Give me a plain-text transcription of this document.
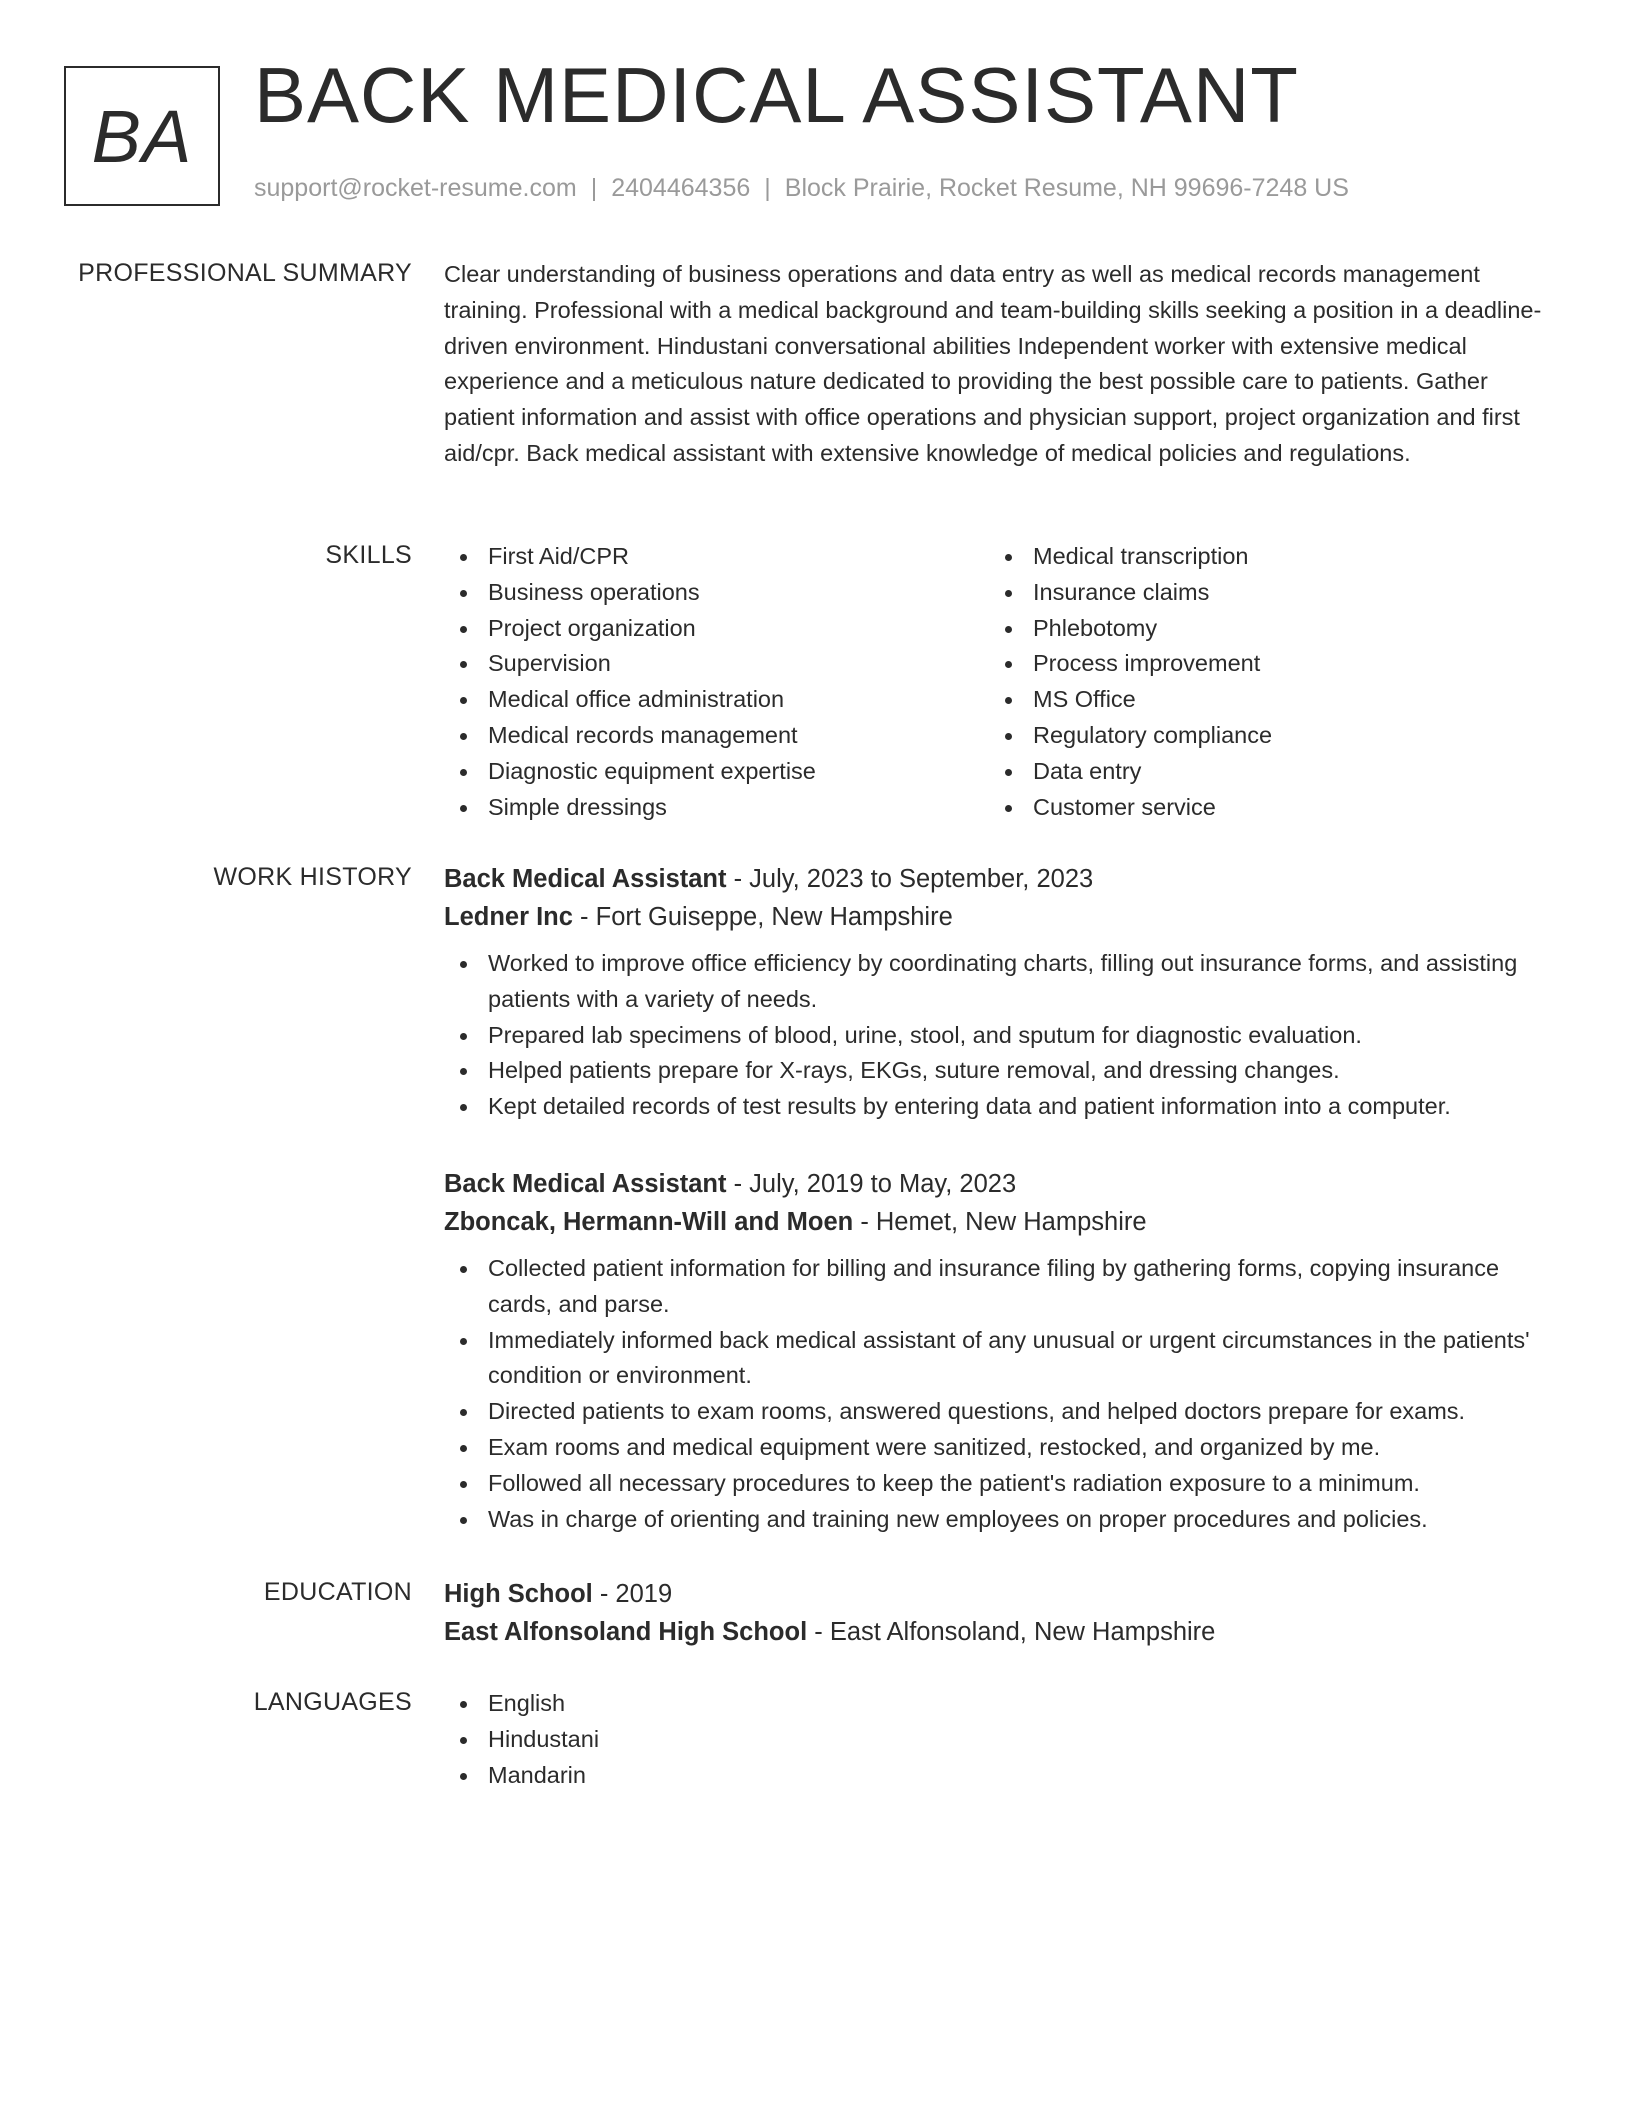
BA BACK MEDICAL ASSISTANT
support@rocket-resume.com | 2404464356 | Block Prairie, Rocket Resume, NH 99696-7248 US
PROFESSIONAL SUMMARY Clear understanding of business operations and data entry as well as medical records management training. Professional with a medical background and team-building skills seeking a position in a deadline-driven environment. Hindustani conversational abilities Independent worker with extensive medical experience and a meticulous nature dedicated to providing the best possible care to patients. Gather patient information and assist with office operations and physician support, project organization and first aid/cpr. Back medical assistant with extensive knowledge of medical policies and regulations.
SKILLS	First Aid/CPR
Business operations
Project organization
Supervision
Medical office administration
Medical records management
Diagnostic equipment expertise
Simple dressings
Medical transcription
Insurance claims
Phlebotomy
Process improvement
MS Office
Regulatory compliance
Data entry
Customer service
WORK HISTORY Back Medical Assistant - July, 2023 to September, 2023
Ledner Inc - Fort Guiseppe, New Hampshire
Worked to improve office efficiency by coordinating charts, filling out insurance forms, and assisting patients with a variety of needs.
Prepared lab specimens of blood, urine, stool, and sputum for diagnostic evaluation.
Helped patients prepare for X-rays, EKGs, suture removal, and dressing changes.
Kept detailed records of test results by entering data and patient information into a computer.
Back Medical Assistant - July, 2019 to May, 2023
Zboncak, Hermann-Will and Moen - Hemet, New Hampshire
Collected patient information for billing and insurance filing by gathering forms, copying insurance cards, and parse.
Immediately informed back medical assistant of any unusual or urgent circumstances in the patients' condition or environment.
Directed patients to exam rooms, answered questions, and helped doctors prepare for exams.
Exam rooms and medical equipment were sanitized, restocked, and organized by me.
Followed all necessary procedures to keep the patient's radiation exposure to a minimum.
Was in charge of orienting and training new employees on proper procedures and policies.
EDUCATION High School - 2019
East Alfonsoland High School - East Alfonsoland, New Hampshire
LANGUAGES	English
Hindustani
Mandarin
